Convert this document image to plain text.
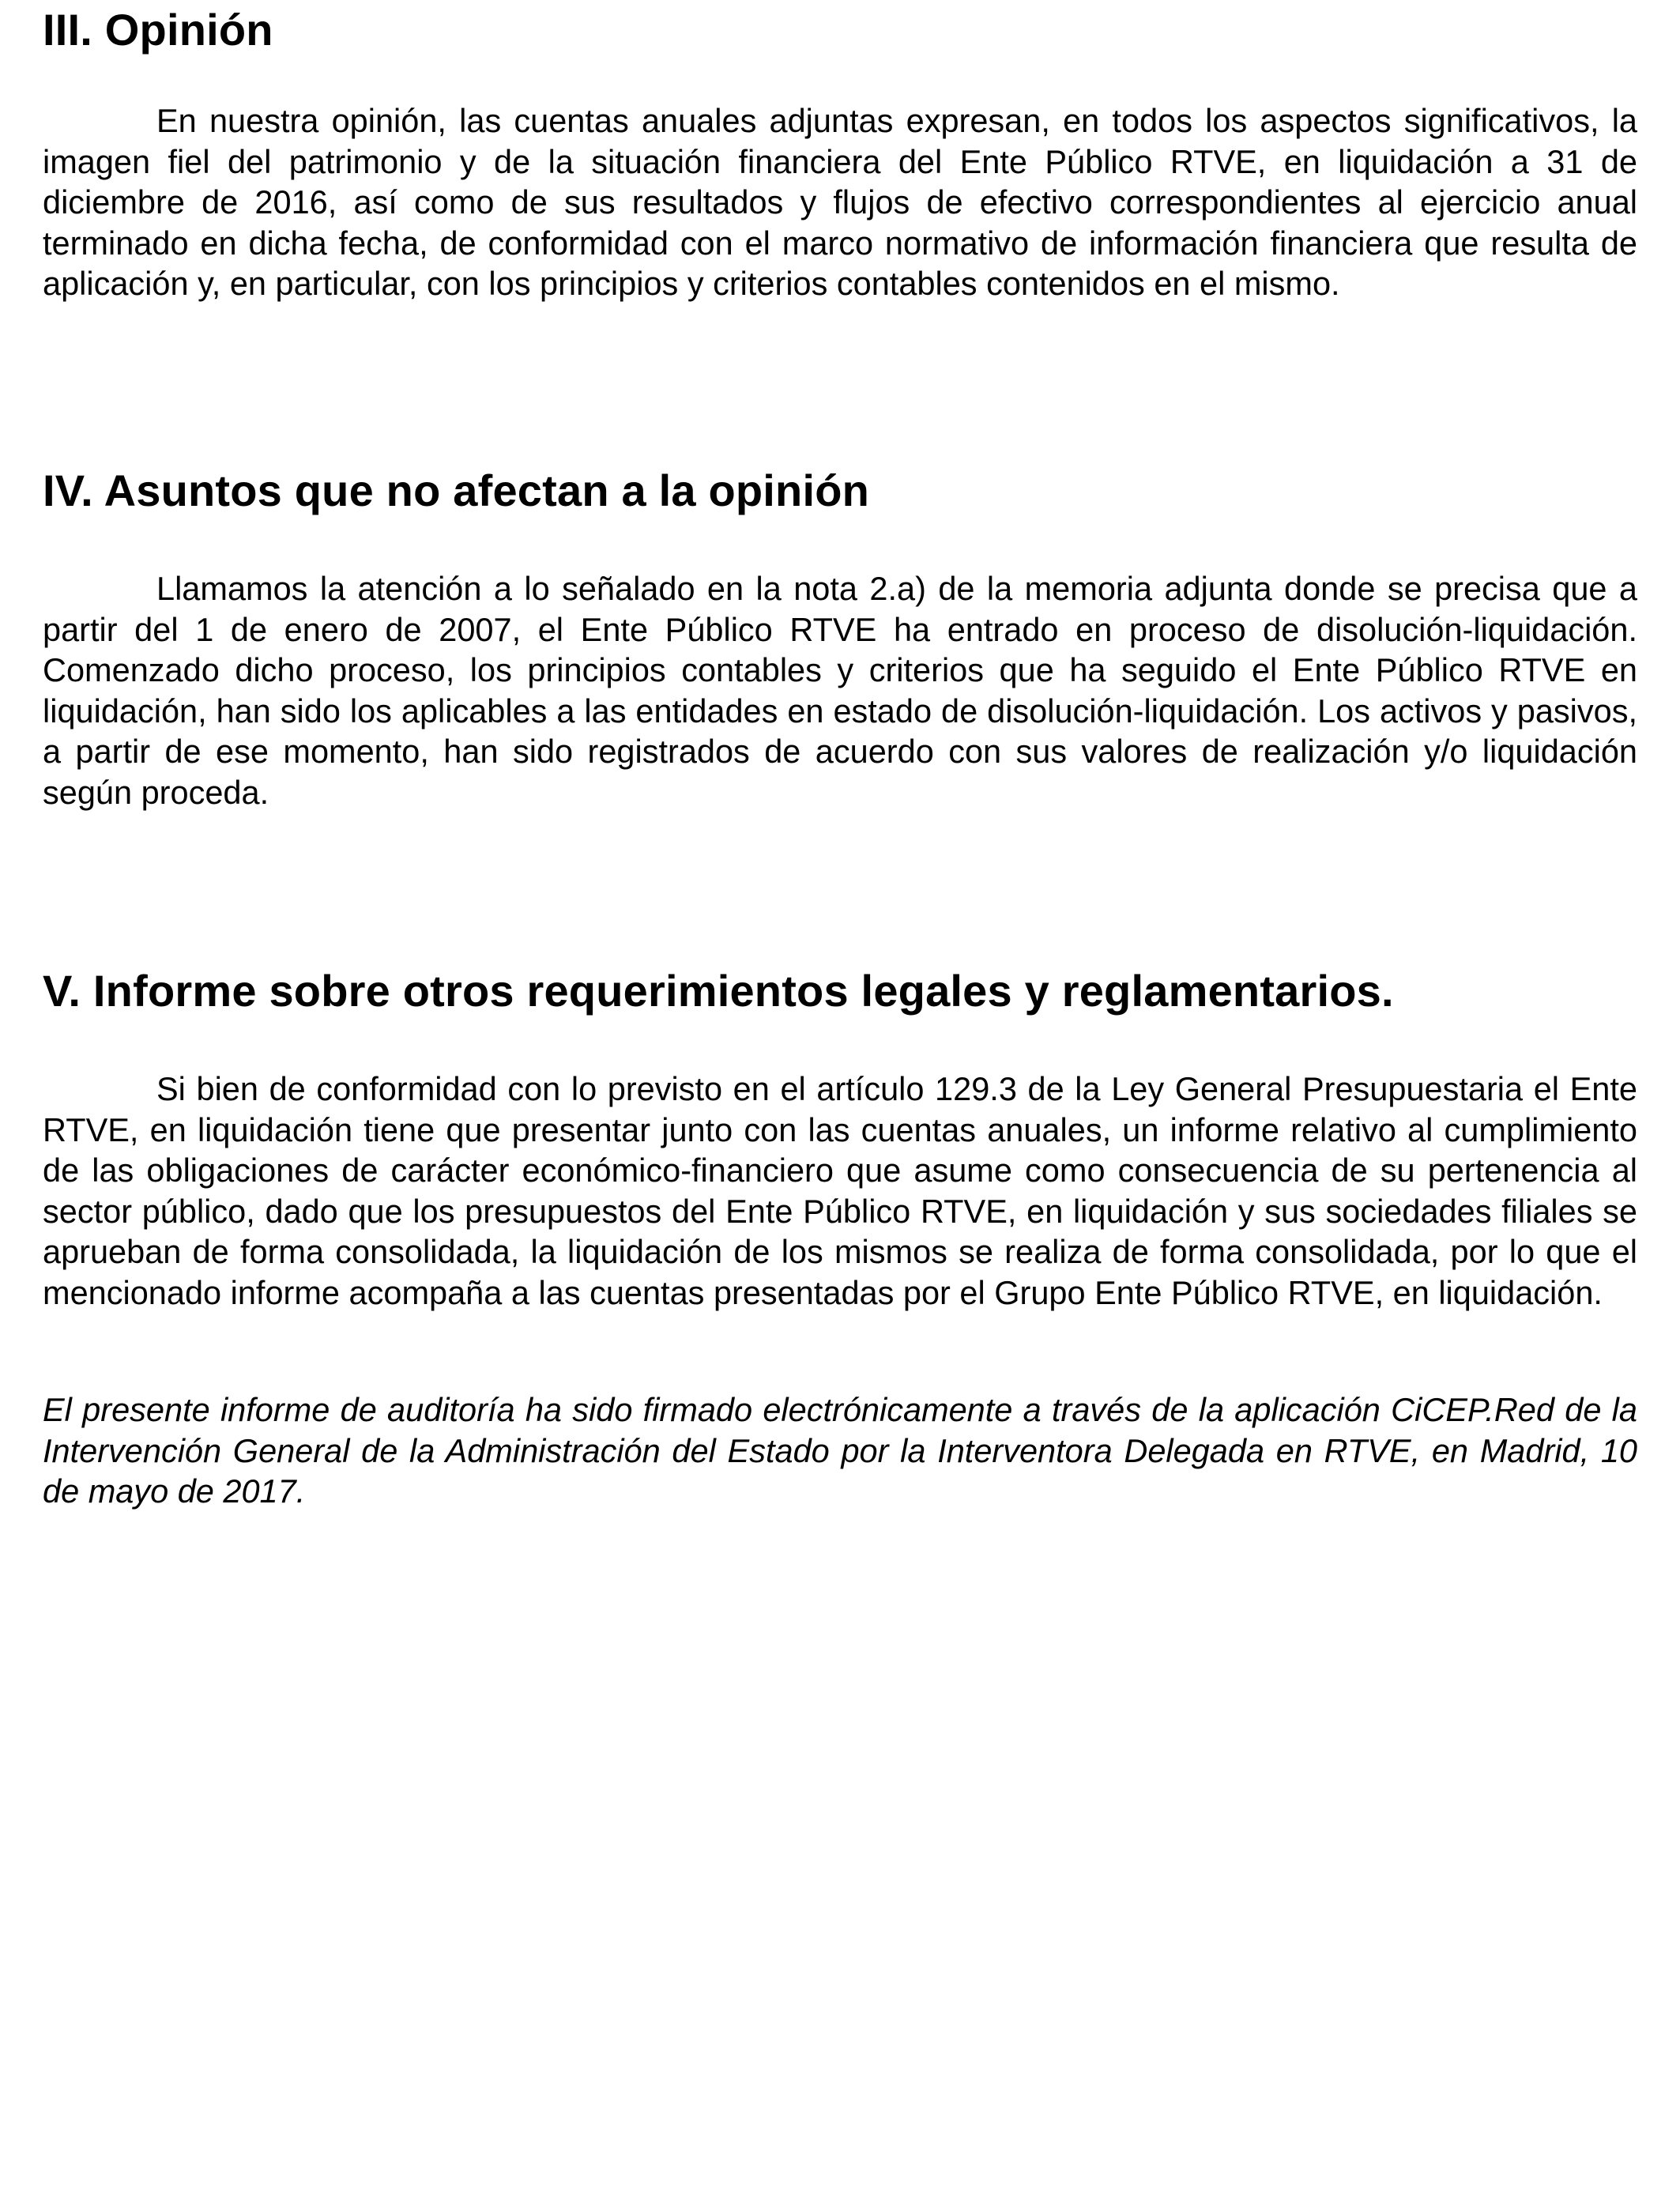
III. Opinión

En nuestra opinión, las cuentas anuales adjuntas expresan, en todos los aspectos significativos, la imagen fiel del patrimonio y de la situación financiera del Ente Público RTVE, en liquidación a 31 de diciembre de 2016, así como de sus resultados y flujos de efectivo correspondientes al ejercicio anual terminado en dicha fecha, de conformidad con el marco normativo de información financiera que resulta de aplicación y, en particular, con los principios y criterios contables contenidos en el mismo.

IV. Asuntos que no afectan a la opinión

Llamamos la atención a lo señalado en la nota 2.a) de la memoria adjunta donde se precisa que a partir del 1 de enero de 2007, el Ente Público RTVE ha entrado en proceso de disolución-liquidación. Comenzado dicho proceso, los principios contables y criterios que ha seguido el Ente Público RTVE en liquidación, han sido los aplicables a las entidades en estado de disolución-liquidación. Los activos y pasivos, a partir de ese momento, han sido registrados de acuerdo con sus valores de realización y/o liquidación según proceda.

V. Informe sobre otros requerimientos legales y reglamentarios.

Si bien de conformidad con lo previsto en el artículo 129.3 de la Ley General Presupuestaria el Ente RTVE, en liquidación tiene que presentar junto con las cuentas anuales, un informe relativo al cumplimiento de las obligaciones de carácter económico-financiero que asume como consecuencia de su pertenencia al sector público, dado que los presupuestos del Ente Público RTVE, en liquidación y sus sociedades filiales se aprueban de forma consolidada, la liquidación de los mismos se realiza de forma consolidada, por lo que el mencionado informe acompaña a las cuentas presentadas por el Grupo Ente Público RTVE, en liquidación.

El presente informe de auditoría ha sido firmado electrónicamente a través de la aplicación CiCEP.Red de la Intervención General de la Administración del Estado por la Interventora Delegada en RTVE, en Madrid, 10 de mayo de 2017.
